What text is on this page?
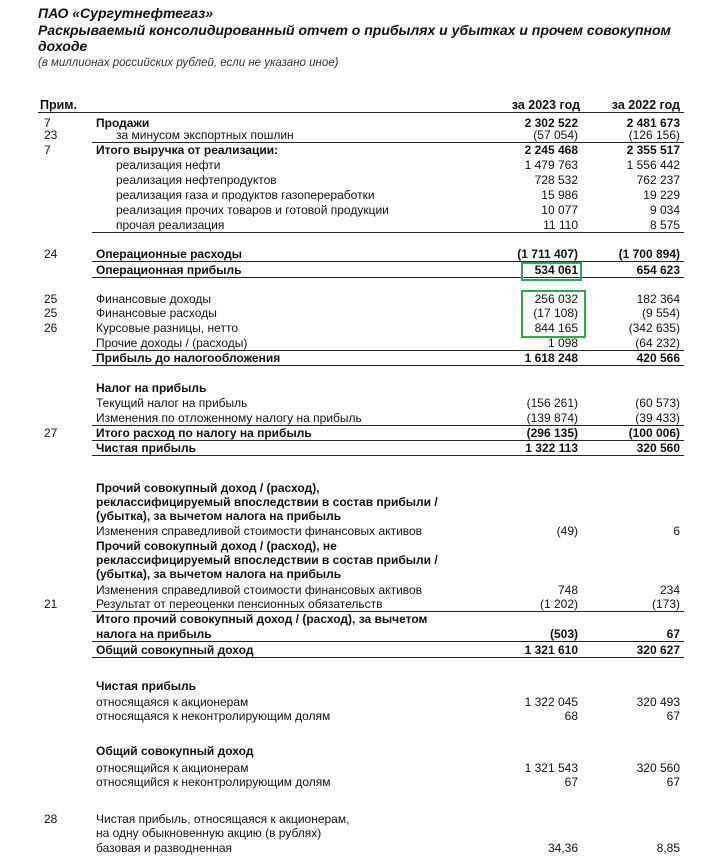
ПАО «Сургутнефтегаз»
Раскрываемый консолидированный отчет о прибылях и убытках и прочем совокупном
доходе
(в миллионах российских рублей, если не указано иное)
Прим.	за 2023 год	за 2022 год
7	Продажи	2 302 522	2 481 673
23	за минусом экспортных пошлин	(57 054)	(126 156)
7	Итого выручка от реализации:	2 245 468	2 355 517
реализация нефти	1 479 763	1 556 442
реализация нефтепродуктов	728 532	762 237
реализация газа и продуктов газопереработки	15 986	19 229
реализация прочих товаров и готовой продукции	10 077	9 034
прочая реализация	11 110	8 575
24	Операционные расходы	(1 711 407)	(1 700 894)
Операционная прибыль	534 061	654 623
25	Финансовые доходы	256 032	182 364
25	Финансовые расходы	(17 108)	(9 554)
26	Курсовые разницы, нетто	844 165	(342 635)
Прочие доходы / (расходы)	1 098	(64 232)
Прибыль до налогообложения	1 618 248	420 566
Налог на прибыль
Текущий налог на прибыль	(156 261)	(60 573)
Изменения по отложенному налогу на прибыль	(139 874)	(39 433)
27	Итого расход по налогу на прибыль	(296 135)	(100 006)
Чистая прибыль	1 322 113	320 560
Прочий совокупный доход / (расход),
реклассифицируемый впоследствии в состав прибыли /
(убытка), за вычетом налога на прибыль
Изменения справедливой стоимости финансовых активов	(49)	6
Прочий совокупный доход / (расход), не
реклассифицируемый впоследствии в состав прибыли /
(убытка), за вычетом налога на прибыль
Изменения справедливой стоимости финансовых активов	748	234
21	Результат от переоценки пенсионных обязательств	(1 202)	(173)
Итого прочий совокупный доход / (расход), за вычетом
налога на прибыль	(503)	67
Общий совокупный доход	1 321 610	320 627
Чистая прибыль
относящаяся к акционерам	1 322 045	320 493
относящаяся к неконтролирующим долям	68	67
Общий совокупный доход
относящийся к акционерам	1 321 543	320 560
относящийся к неконтролирующим долям	67	67
28	Чистая прибыль, относящаяся к акционерам,
на одну обыкновенную акцию (в рублях)
базовая и разводненная	34,36	8,85
